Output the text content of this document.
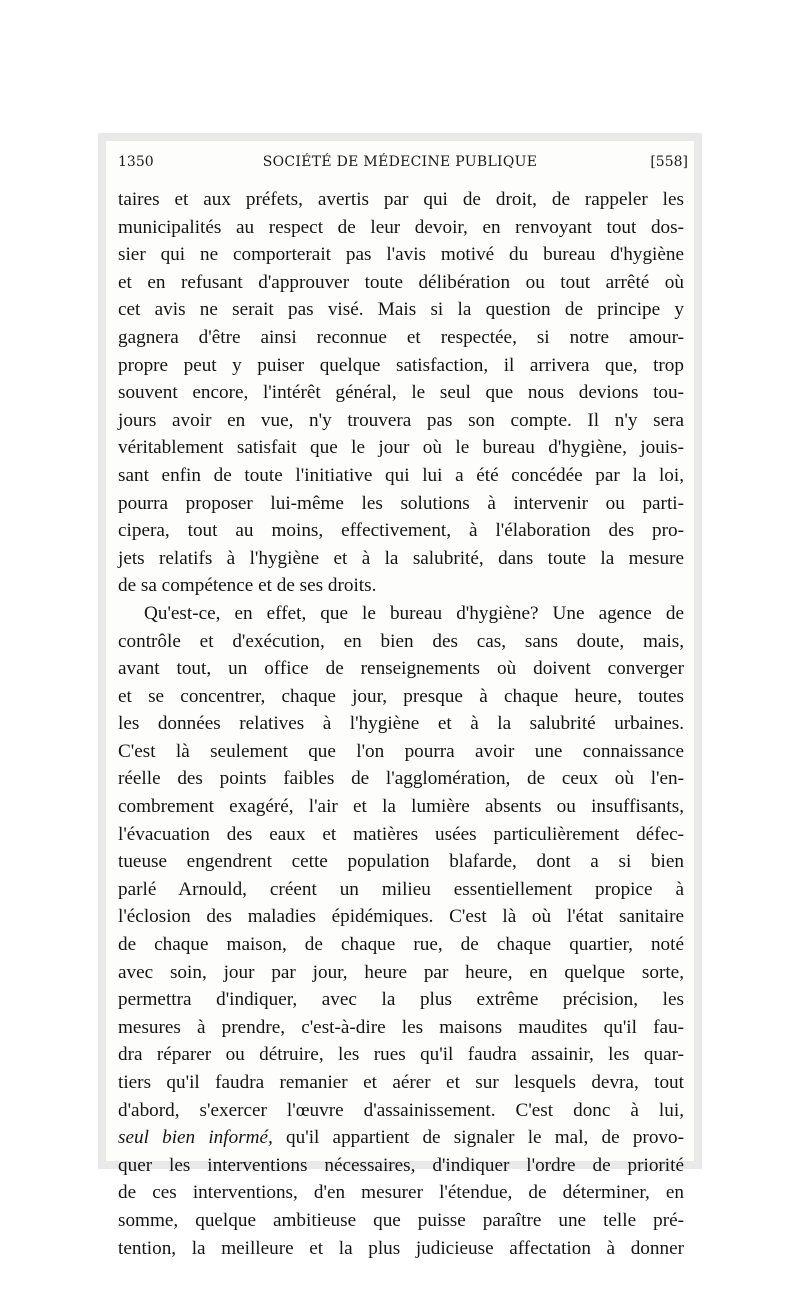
1350	SOCIÉTÉ DE MÉDECINE PUBLIQUE	[558]
taires et aux préfets, avertis par qui de droit, de rappeler les
municipalités au respect de leur devoir, en renvoyant tout dos-
sier qui ne comporterait pas l'avis motivé du bureau d'hygiène
et en refusant d'approuver toute délibération ou tout arrêté où
cet avis ne serait pas visé. Mais si la question de principe y
gagnera d'être ainsi reconnue et respectée, si notre amour-
propre peut y puiser quelque satisfaction, il arrivera que, trop
souvent encore, l'intérêt général, le seul que nous devions tou-
jours avoir en vue, n'y trouvera pas son compte. Il n'y sera
véritablement satisfait que le jour où le bureau d'hygiène, jouis-
sant enfin de toute l'initiative qui lui a été concédée par la loi,
pourra proposer lui-même les solutions à intervenir ou parti-
cipera, tout au moins, effectivement, à l'élaboration des pro-
jets relatifs à l'hygiène et à la salubrité, dans toute la mesure
de sa compétence et de ses droits.
Qu'est-ce, en effet, que le bureau d'hygiène? Une agence de
contrôle et d'exécution, en bien des cas, sans doute, mais,
avant tout, un office de renseignements où doivent converger
et se concentrer, chaque jour, presque à chaque heure, toutes
les données relatives à l'hygiène et à la salubrité urbaines.
C'est là seulement que l'on pourra avoir une connaissance
réelle des points faibles de l'agglomération, de ceux où l'en-
combrement exagéré, l'air et la lumière absents ou insuffisants,
l'évacuation des eaux et matières usées particulièrement défec-
tueuse engendrent cette population blafarde, dont a si bien
parlé Arnould, créent un milieu essentiellement propice à
l'éclosion des maladies épidémiques. C'est là où l'état sanitaire
de chaque maison, de chaque rue, de chaque quartier, noté
avec soin, jour par jour, heure par heure, en quelque sorte,
permettra d'indiquer, avec la plus extrême précision, les
mesures à prendre, c'est-à-dire les maisons maudites qu'il fau-
dra réparer ou détruire, les rues qu'il faudra assainir, les quar-
tiers qu'il faudra remanier et aérer et sur lesquels devra, tout
d'abord, s'exercer l'œuvre d'assainissement. C'est donc à lui,
seul bien informé, qu'il appartient de signaler le mal, de provo-
quer les interventions nécessaires, d'indiquer l'ordre de priorité
de ces interventions, d'en mesurer l'étendue, de déterminer, en
somme, quelque ambitieuse que puisse paraître une telle pré-
tention, la meilleure et la plus judicieuse affectation à donner
